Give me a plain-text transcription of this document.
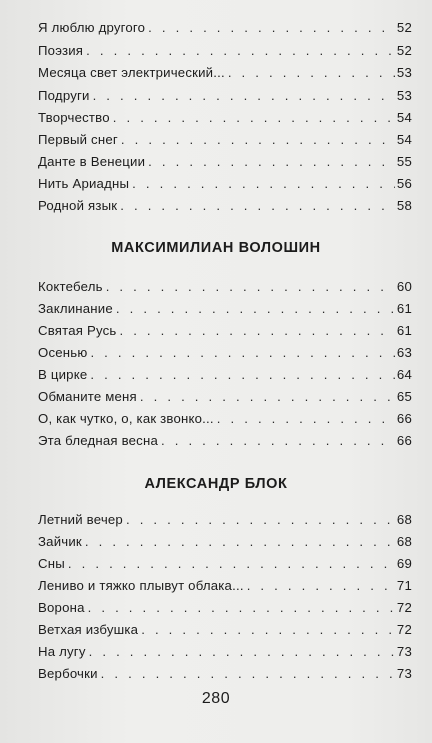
Я люблю другого . . .	52
Поэзия . . .	52
Месяца свет электрический... . . .	53
Подруги . . .	53
Творчество . . .	54
Первый снег . . .	54
Данте в Венеции . . .	55
Нить Ариадны . . .	56
Родной язык . . .	58
МАКСИМИЛИАН ВОЛОШИН
Коктебель . . .	60
Заклинание . . .	61
Святая Русь . . .	61
Осенью . . .	63
В цирке . . .	64
Обманите меня . . .	65
О, как чутко, о, как звонко... . . .	66
Эта бледная весна . . .	66
АЛЕКСАНДР БЛОК
Летний вечер . . .	68
Зайчик . . .	68
Сны . . .	69
Лениво и тяжко плывут облака... . . .	71
Ворона . . .	72
Ветхая избушка . . .	72
На лугу . . .	73
Вербочки . . .	73
280
